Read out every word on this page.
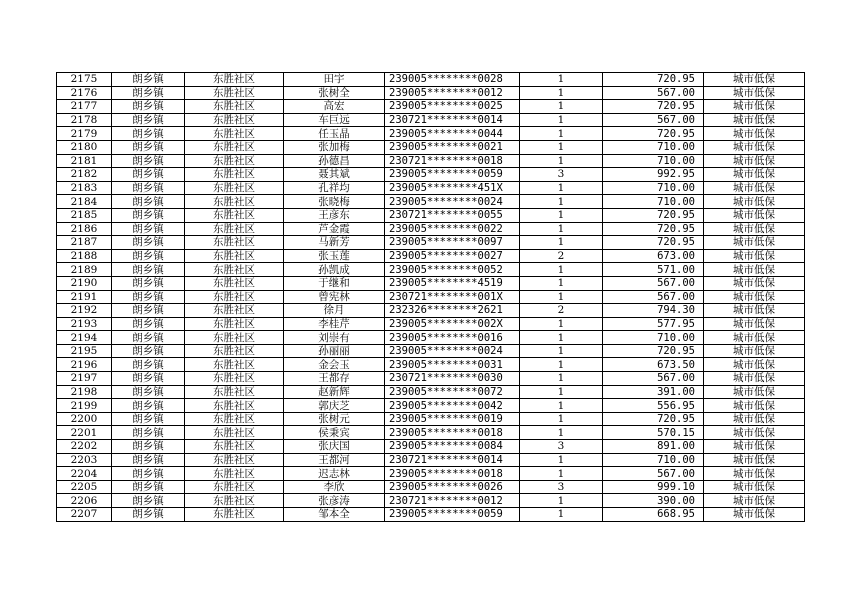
2175	朗乡镇	东胜社区	田宇	239005********0028	1	720.95	城市低保
2176	朗乡镇	东胜社区	张树全	239005********0012	1	567.00	城市低保
2177	朗乡镇	东胜社区	高宏	239005********0025	1	720.95	城市低保
2178	朗乡镇	东胜社区	车巨远	230721********0014	1	567.00	城市低保
2179	朗乡镇	东胜社区	任玉晶	239005********0044	1	720.95	城市低保
2180	朗乡镇	东胜社区	张加梅	239005********0021	1	710.00	城市低保
2181	朗乡镇	东胜社区	孙德昌	230721********0018	1	710.00	城市低保
2182	朗乡镇	东胜社区	聂其斌	239005********0059	3	992.95	城市低保
2183	朗乡镇	东胜社区	孔祥均	239005********451X	1	710.00	城市低保
2184	朗乡镇	东胜社区	张晓梅	239005********0024	1	710.00	城市低保
2185	朗乡镇	东胜社区	王彦东	230721********0055	1	720.95	城市低保
2186	朗乡镇	东胜社区	芦金霞	239005********0022	1	720.95	城市低保
2187	朗乡镇	东胜社区	马新芳	239005********0097	1	720.95	城市低保
2188	朗乡镇	东胜社区	张玉莲	239005********0027	2	673.00	城市低保
2189	朗乡镇	东胜社区	孙凯成	239005********0052	1	571.00	城市低保
2190	朗乡镇	东胜社区	于继和	239005********4519	1	567.00	城市低保
2191	朗乡镇	东胜社区	曾宪林	230721********001X	1	567.00	城市低保
2192	朗乡镇	东胜社区	徐月	232326********2621	2	794.30	城市低保
2193	朗乡镇	东胜社区	李桂芹	239005********002X	1	577.95	城市低保
2194	朗乡镇	东胜社区	刘崇有	239005********0016	1	710.00	城市低保
2195	朗乡镇	东胜社区	孙丽丽	239005********0024	1	720.95	城市低保
2196	朗乡镇	东胜社区	金会玉	239005********0031	1	673.50	城市低保
2197	朗乡镇	东胜社区	王都存	230721********0030	1	567.00	城市低保
2198	朗乡镇	东胜社区	赵新辉	239005********0072	1	391.00	城市低保
2199	朗乡镇	东胜社区	郭庆芝	239005********0042	1	556.95	城市低保
2200	朗乡镇	东胜社区	张树元	239005********0019	1	720.95	城市低保
2201	朗乡镇	东胜社区	侯秉宾	239005********0018	1	570.15	城市低保
2202	朗乡镇	东胜社区	张庆国	239005********0084	3	891.00	城市低保
2203	朗乡镇	东胜社区	王都河	230721********0014	1	710.00	城市低保
2204	朗乡镇	东胜社区	迟志林	239005********0018	1	567.00	城市低保
2205	朗乡镇	东胜社区	李欣	239005********0026	3	999.10	城市低保
2206	朗乡镇	东胜社区	张彦涛	230721********0012	1	390.00	城市低保
2207	朗乡镇	东胜社区	邹本全	239005********0059	1	668.95	城市低保
